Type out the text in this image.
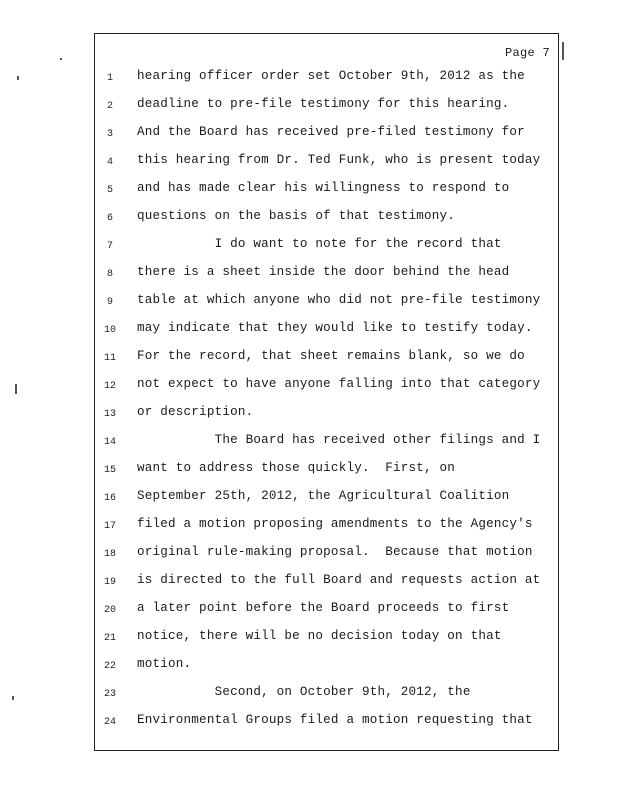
Page 7
1	hearing officer order set October 9th, 2012 as the
2	deadline to pre-file testimony for this hearing.
3	And the Board has received pre-filed testimony for
4	this hearing from Dr. Ted Funk, who is present today
5	and has made clear his willingness to respond to
6	questions on the basis of that testimony.
7	I do want to note for the record that
8	there is a sheet inside the door behind the head
9	table at which anyone who did not pre-file testimony
10	may indicate that they would like to testify today.
11	For the record, that sheet remains blank, so we do
12	not expect to have anyone falling into that category
13	or description.
14	The Board has received other filings and I
15	want to address those quickly.  First, on
16	September 25th, 2012, the Agricultural Coalition
17	filed a motion proposing amendments to the Agency's
18	original rule-making proposal.  Because that motion
19	is directed to the full Board and requests action at
20	a later point before the Board proceeds to first
21	notice, there will be no decision today on that
22	motion.
23	Second, on October 9th, 2012, the
24	Environmental Groups filed a motion requesting that
